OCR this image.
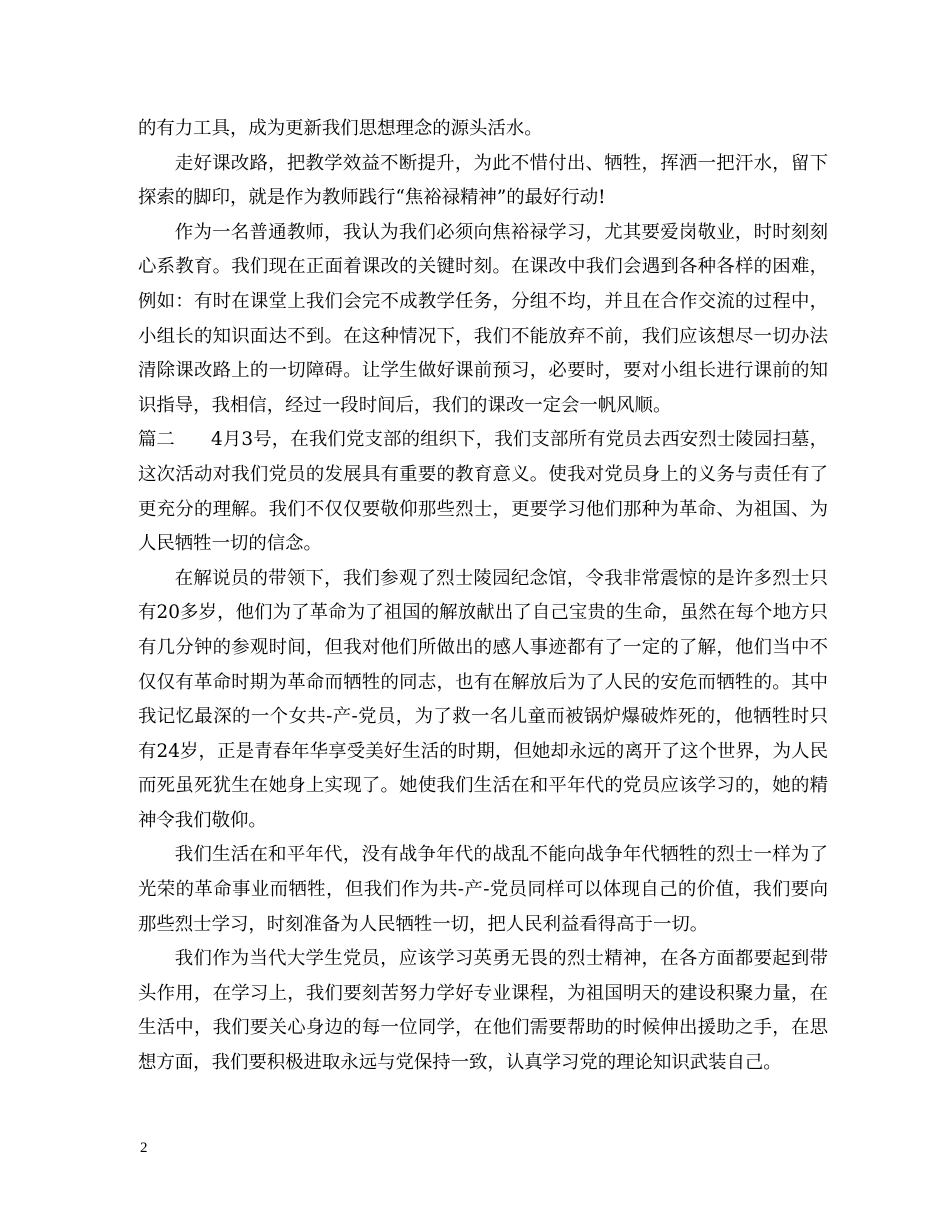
的有力工具，成为更新我们思想理念的源头活水。

走好课改路，把教学效益不断提升，为此不惜付出、牺牲，挥洒一把汗水，留下探索的脚印，就是作为教师践行“焦裕禄精神”的最好行动!

作为一名普通教师，我认为我们必须向焦裕禄学习，尤其要爱岗敬业，时时刻刻心系教育。我们现在正面着课改的关键时刻。在课改中我们会遇到各种各样的困难，例如：有时在课堂上我们会完不成教学任务，分组不均，并且在合作交流的过程中，小组长的知识面达不到。在这种情况下，我们不能放弃不前，我们应该想尽一切办法清除课改路上的一切障碍。让学生做好课前预习，必要时，要对小组长进行课前的知识指导，我相信，经过一段时间后，我们的课改一定会一帆风顺。

篇二 4月3号，在我们党支部的组织下，我们支部所有党员去西安烈士陵园扫墓，这次活动对我们党员的发展具有重要的教育意义。使我对党员身上的义务与责任有了更充分的理解。我们不仅仅要敬仰那些烈士，更要学习他们那种为革命、为祖国、为人民牺牲一切的信念。

在解说员的带领下，我们参观了烈士陵园纪念馆，令我非常震惊的是许多烈士只有20多岁，他们为了革命为了祖国的解放献出了自己宝贵的生命，虽然在每个地方只有几分钟的参观时间，但我对他们所做出的感人事迹都有了一定的了解，他们当中不仅仅有革命时期为革命而牺牲的同志，也有在解放后为了人民的安危而牺牲的。其中我记忆最深的一个女共-产-党员，为了救一名儿童而被锅炉爆破炸死的，他牺牲时只有24岁，正是青春年华享受美好生活的时期，但她却永远的离开了这个世界，为人民而死虽死犹生在她身上实现了。她使我们生活在和平年代的党员应该学习的，她的精神令我们敬仰。

我们生活在和平年代，没有战争年代的战乱不能向战争年代牺牲的烈士一样为了光荣的革命事业而牺牲，但我们作为共-产-党员同样可以体现自己的价值，我们要向那些烈士学习，时刻准备为人民牺牲一切，把人民利益看得高于一切。

我们作为当代大学生党员，应该学习英勇无畏的烈士精神，在各方面都要起到带头作用，在学习上，我们要刻苦努力学好专业课程，为祖国明天的建设积聚力量，在生活中，我们要关心身边的每一位同学，在他们需要帮助的时候伸出援助之手，在思想方面，我们要积极进取永远与党保持一致，认真学习党的理论知识武装自己。

2
